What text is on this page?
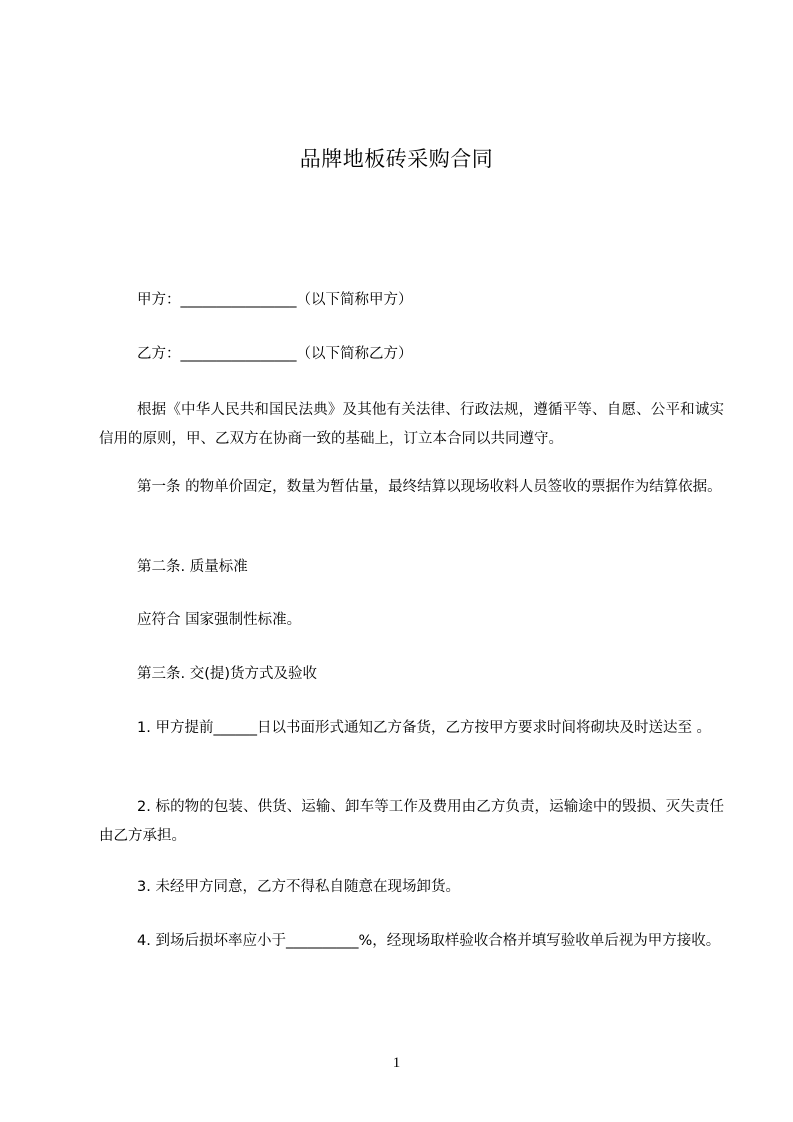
品牌地板砖采购合同
甲方：________________（以下简称甲方）
乙方：________________（以下简称乙方）
根据《中华人民共和国民法典》及其他有关法律、行政法规，遵循平等、自愿、公平和诚实信用的原则，甲、乙双方在协商一致的基础上，订立本合同以共同遵守。
第一条 的物单价固定，数量为暂估量，最终结算以现场收料人员签收的票据作为结算依据。
第二条. 质量标准
应符合 国家强制性标准。
第三条. 交(提)货方式及验收
1. 甲方提前______日以书面形式通知乙方备货，乙方按甲方要求时间将砌块及时送达至 。
2. 标的物的包装、供货、运输、卸车等工作及费用由乙方负责，运输途中的毁损、灭失责任由乙方承担。
3. 未经甲方同意，乙方不得私自随意在现场卸货。
4. 到场后损坏率应小于__________%，经现场取样验收合格并填写验收单后视为甲方接收。
1
